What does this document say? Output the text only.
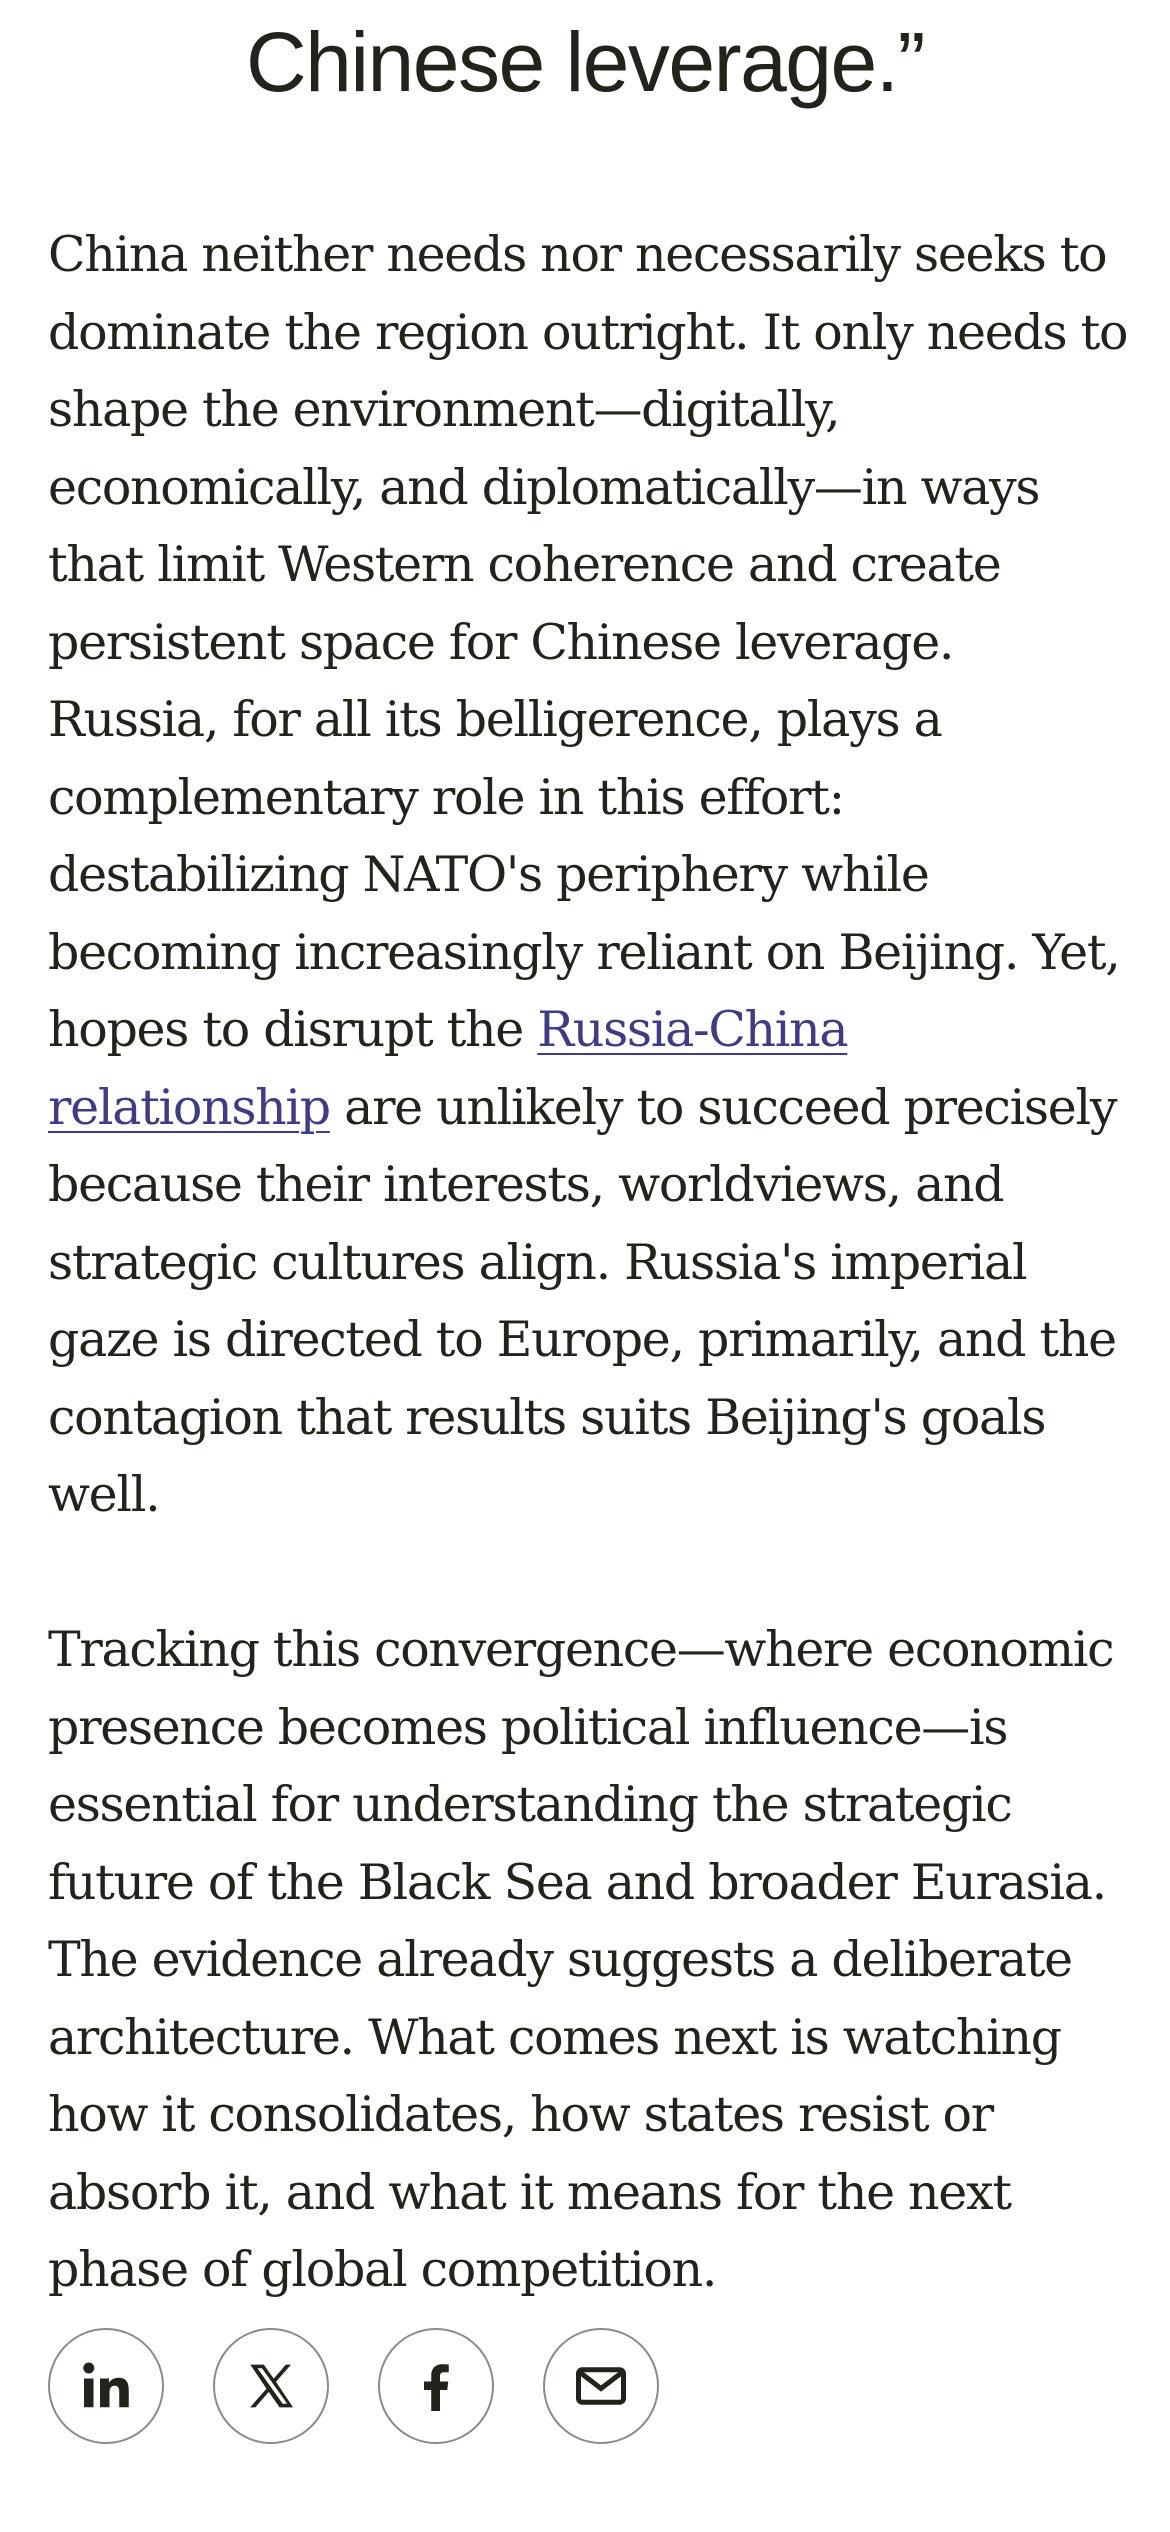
Chinese leverage.”

China neither needs nor necessarily seeks to dominate the region outright. It only needs to shape the environment—digitally, economically, and diplomatically—in ways that limit Western coherence and create persistent space for Chinese leverage. Russia, for all its belligerence, plays a complementary role in this effort: destabilizing NATO's periphery while becoming increasingly reliant on Beijing. Yet, hopes to disrupt the Russia-China relationship are unlikely to succeed precisely because their interests, worldviews, and strategic cultures align. Russia's imperial gaze is directed to Europe, primarily, and the contagion that results suits Beijing's goals well.

Tracking this convergence—where economic presence becomes political influence—is essential for understanding the strategic future of the Black Sea and broader Eurasia. The evidence already suggests a deliberate architecture. What comes next is watching how it consolidates, how states resist or absorb it, and what it means for the next phase of global competition.
